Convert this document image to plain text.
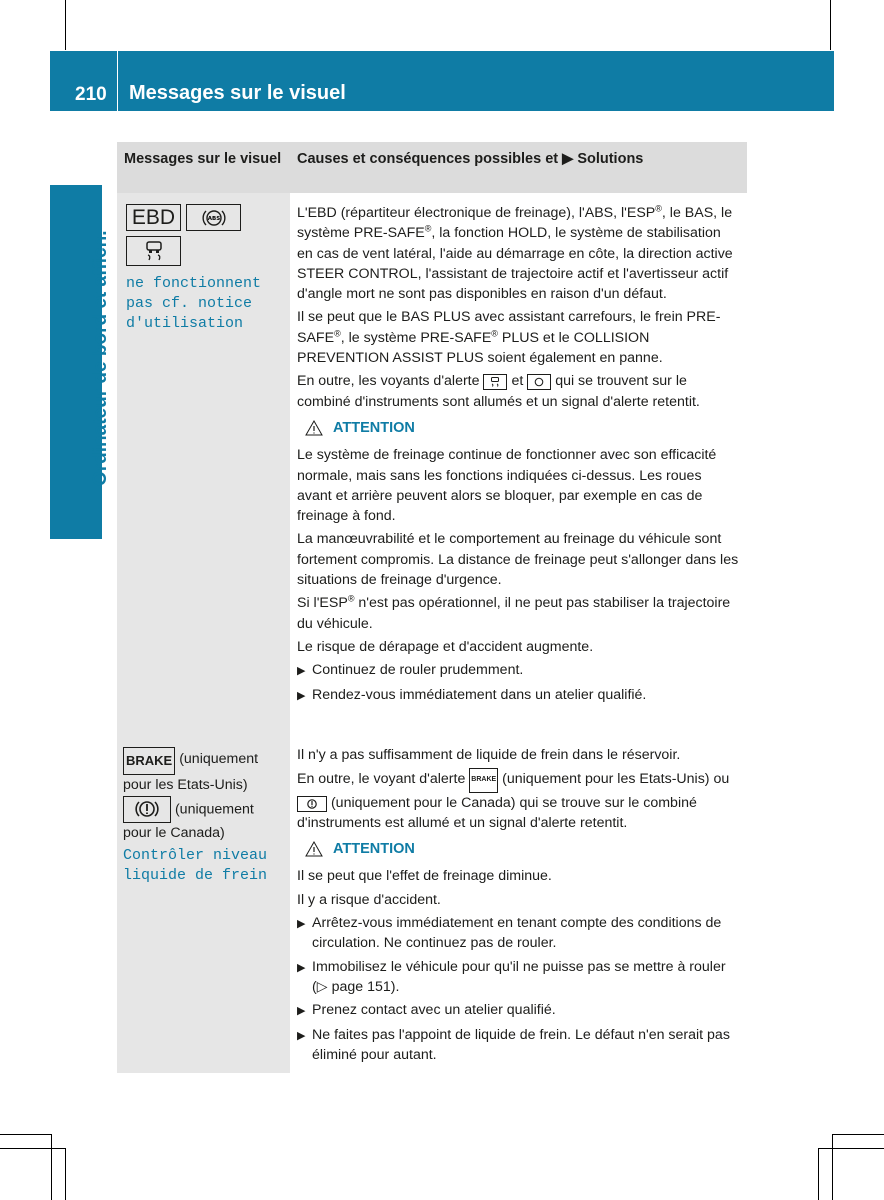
210 Messages sur le visuel
Ordinateur de bord et affich.
Messages sur le visuel	Causes et conséquences possibles et ▶ Solutions
EBD	ABS
ne fonctionnent pas cf. notice d'utilisation

L'EBD (répartiteur électronique de freinage), l'ABS, l'ESP®, le BAS, le système PRE-SAFE®, la fonction HOLD, le système de stabilisation en cas de vent latéral, l'aide au démarrage en côte, la direction active STEER CONTROL, l'assistant de trajectoire actif et l'avertisseur actif d'angle mort ne sont pas disponibles en raison d'un défaut.

Il se peut que le BAS PLUS avec assistant carrefours, le frein PRE-SAFE®, le système PRE-SAFE® PLUS et le COLLISION PREVENTION ASSIST PLUS soient également en panne.

En outre, les voyants d'alerte et qui se trouvent sur le combiné d'instruments sont allumés et un signal d'alerte retentit.

ATTENTION

Le système de freinage continue de fonctionner avec son efficacité normale, mais sans les fonctions indiquées ci-dessus. Les roues avant et arrière peuvent alors se bloquer, par exemple en cas de freinage à fond.

La manœuvrabilité et le comportement au freinage du véhicule sont fortement compromis. La distance de freinage peut s'allonger dans les situations de freinage d'urgence.

Si l'ESP® n'est pas opérationnel, il ne peut pas stabiliser la trajectoire du véhicule.

Le risque de dérapage et d'accident augmente.

▶ Continuez de rouler prudemment.
▶ Rendez-vous immédiatement dans un atelier qualifié.
BRAKE (uniquement pour les Etats-Unis)
(uniquement pour le Canada)
Contrôler niveau liquide de frein

Il n'y a pas suffisamment de liquide de frein dans le réservoir.

En outre, le voyant d'alerte BRAKE (uniquement pour les Etats-Unis) ou
(uniquement pour le Canada) qui se trouve sur le combiné d'instruments est allumé et un signal d'alerte retentit.

ATTENTION

Il se peut que l'effet de freinage diminue.

Il y a risque d'accident.

▶ Arrêtez-vous immédiatement en tenant compte des conditions de circulation. Ne continuez pas de rouler.
▶ Immobilisez le véhicule pour qu'il ne puisse pas se mettre à rouler (▷ page 151).
▶ Prenez contact avec un atelier qualifié.
▶ Ne faites pas l'appoint de liquide de frein. Le défaut n'en serait pas éliminé pour autant.
